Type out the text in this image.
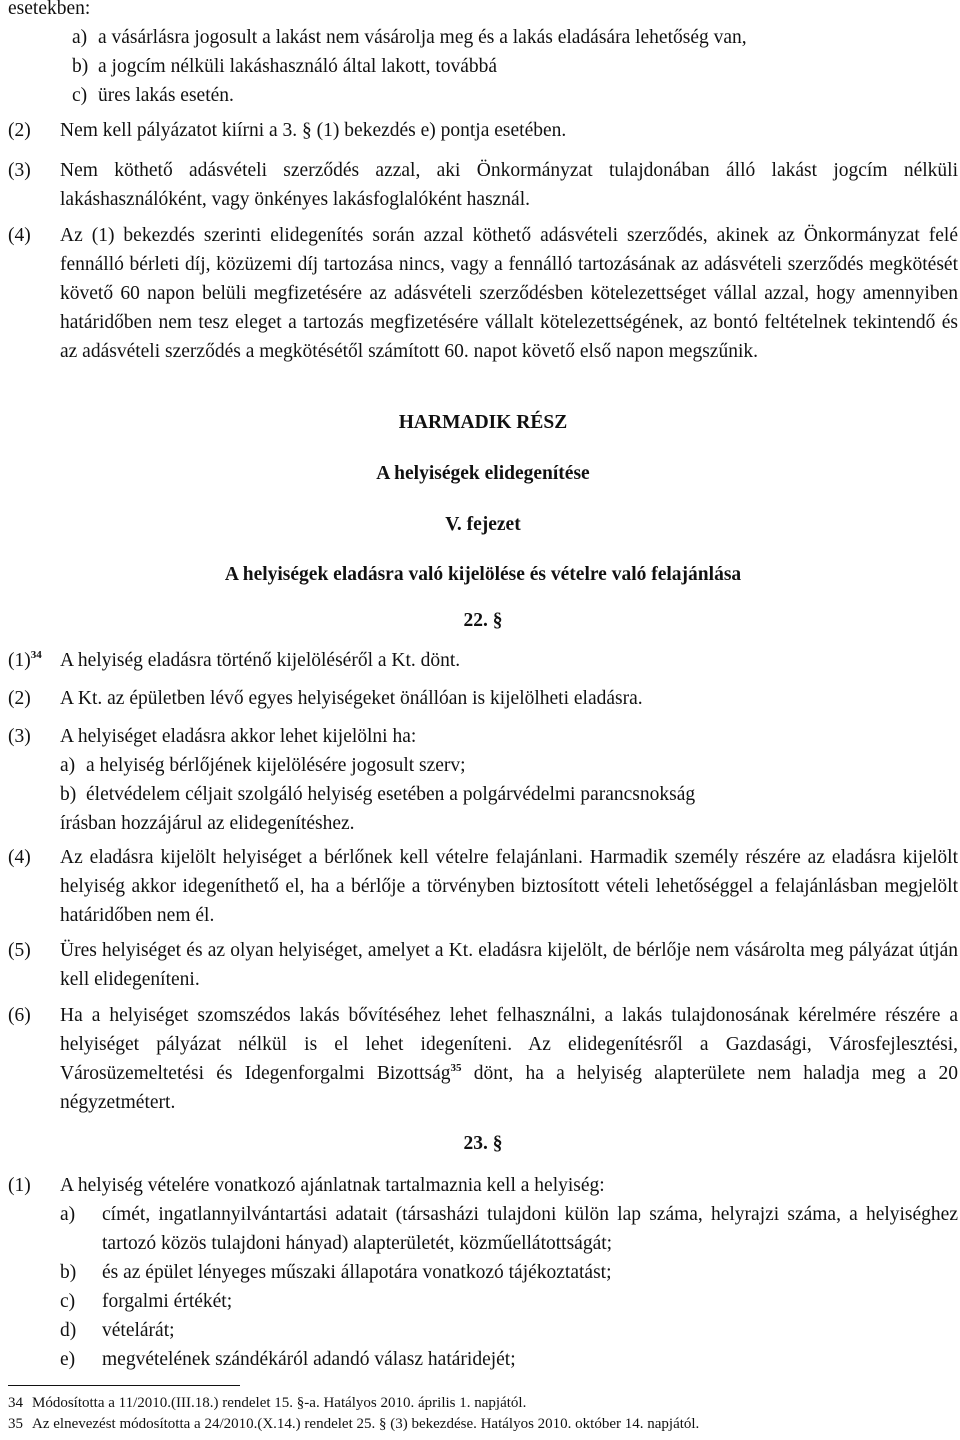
esetekben:
a) a vásárlásra jogosult a lakást nem vásárolja meg és a lakás eladására lehetőség van,
b) a jogcím nélküli lakáshasználó által lakott, továbbá
c) üres lakás esetén.
(2)	Nem kell pályázatot kiírni a 3. § (1) bekezdés e) pontja esetében.
(3)	Nem köthető adásvételi szerződés azzal, aki Önkormányzat tulajdonában álló lakást jogcím nélküli lakáshasználóként, vagy önkényes lakásfoglalóként használ.
(4)	Az (1) bekezdés szerinti elidegenítés során azzal köthető adásvételi szerződés, akinek az Önkormányzat felé fennálló bérleti díj, közüzemi díj tartozása nincs, vagy a fennálló tartozásának az adásvételi szerződés megkötését követő 60 napon belüli megfizetésére az adásvételi szerződésben kötelezettséget vállal azzal, hogy amennyiben határidőben nem tesz eleget a tartozás megfizetésére vállalt kötelezettségének, az bontó feltételnek tekintendő és az adásvételi szerződés a megkötésétől számított 60. napot követő első napon megszűnik.
HARMADIK RÉSZ
A helyiségek elidegenítése
V. fejezet
A helyiségek eladásra való kijelölése és vételre való felajánlása
22. §
$(1)^{34}$ A helyiség eladásra történő kijelöléséről a Kt. dönt.
(2)	A Kt. az épületben lévő egyes helyiségeket önállóan is kijelölheti eladásra.
(3)	A helyiséget eladásra akkor lehet kijelölni ha:
a) a helyiség bérlőjének kijelölésére jogosult szerv;
b) életvédelem céljait szolgáló helyiség esetében a polgárvédelmi parancsnokság
írásban hozzájárul az elidegenítéshez.
(4)	Az eladásra kijelölt helyiséget a bérlőnek kell vételre felajánlani. Harmadik személy részére az eladásra kijelölt helyiség akkor idegeníthető el, ha a bérlője a törvényben biztosított vételi lehetőséggel a felajánlásban megjelölt határidőben nem él.
(5)	Üres helyiséget és az olyan helyiséget, amelyet a Kt. eladásra kijelölt, de bérlője nem vásárolta meg pályázat útján kell elidegeníteni.
(6)	Ha a helyiséget szomszédos lakás bővítéséhez lehet felhasználni, a lakás tulajdonosának kérelmére részére a helyiséget pályázat nélkül is el lehet idegeníteni. Az elidegenítésről a Gazdasági, Városfejlesztési, Városüzemeltetési és Idegenforgalmi Bizottság$^{35}$ dönt, ha a helyiség alapterülete nem haladja meg a 20 négyzetmétert.
23. §
(1)	A helyiség vételére vonatkozó ajánlatnak tartalmaznia kell a helyiség:
a)	címét, ingatlannyilvántartási adatait (társasházi tulajdoni külön lap száma, helyrajzi száma, a helyiséghez tartozó közös tulajdoni hányad) alapterületét, közműellátottságát;
b)	és az épület lényeges műszaki állapotára vonatkozó tájékoztatást;
c)	forgalmi értékét;
d)	vételárát;
e)	megvételének szándékáról adandó válasz határidejét;
34 Módosította a 11/2010.(III.18.) rendelet 15. §-a. Hatályos 2010. április 1. napjától.
35 Az elnevezést módosította a 24/2010.(X.14.) rendelet 25. § (3) bekezdése. Hatályos 2010. október 14. napjától.
